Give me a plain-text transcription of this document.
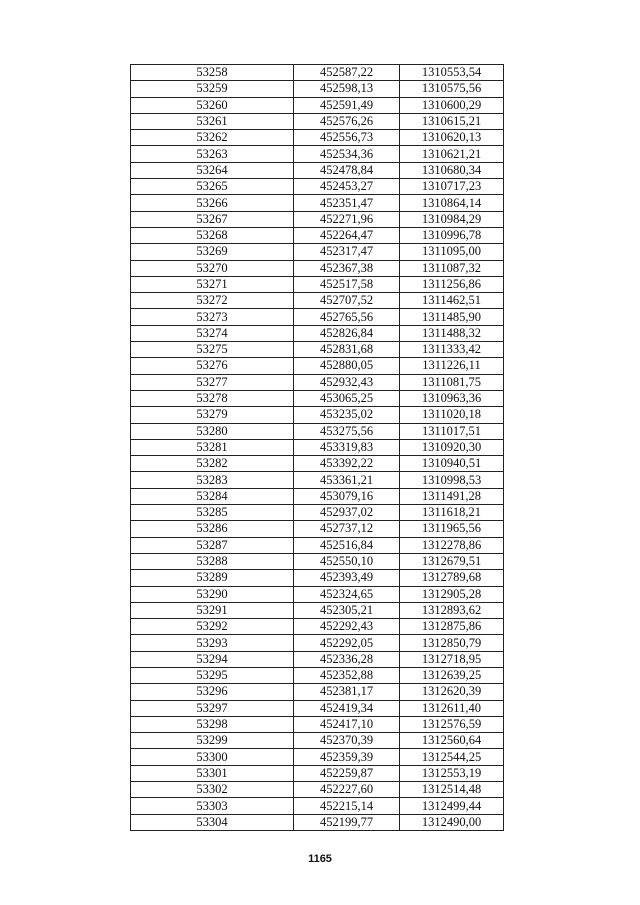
53258	452587,22	1310553,54
53259	452598,13	1310575,56
53260	452591,49	1310600,29
53261	452576,26	1310615,21
53262	452556,73	1310620,13
53263	452534,36	1310621,21
53264	452478,84	1310680,34
53265	452453,27	1310717,23
53266	452351,47	1310864,14
53267	452271,96	1310984,29
53268	452264,47	1310996,78
53269	452317,47	1311095,00
53270	452367,38	1311087,32
53271	452517,58	1311256,86
53272	452707,52	1311462,51
53273	452765,56	1311485,90
53274	452826,84	1311488,32
53275	452831,68	1311333,42
53276	452880,05	1311226,11
53277	452932,43	1311081,75
53278	453065,25	1310963,36
53279	453235,02	1311020,18
53280	453275,56	1311017,51
53281	453319,83	1310920,30
53282	453392,22	1310940,51
53283	453361,21	1310998,53
53284	453079,16	1311491,28
53285	452937,02	1311618,21
53286	452737,12	1311965,56
53287	452516,84	1312278,86
53288	452550,10	1312679,51
53289	452393,49	1312789,68
53290	452324,65	1312905,28
53291	452305,21	1312893,62
53292	452292,43	1312875,86
53293	452292,05	1312850,79
53294	452336,28	1312718,95
53295	452352,88	1312639,25
53296	452381,17	1312620,39
53297	452419,34	1312611,40
53298	452417,10	1312576,59
53299	452370,39	1312560,64
53300	452359,39	1312544,25
53301	452259,87	1312553,19
53302	452227,60	1312514,48
53303	452215,14	1312499,44
53304	452199,77	1312490,00
1165
